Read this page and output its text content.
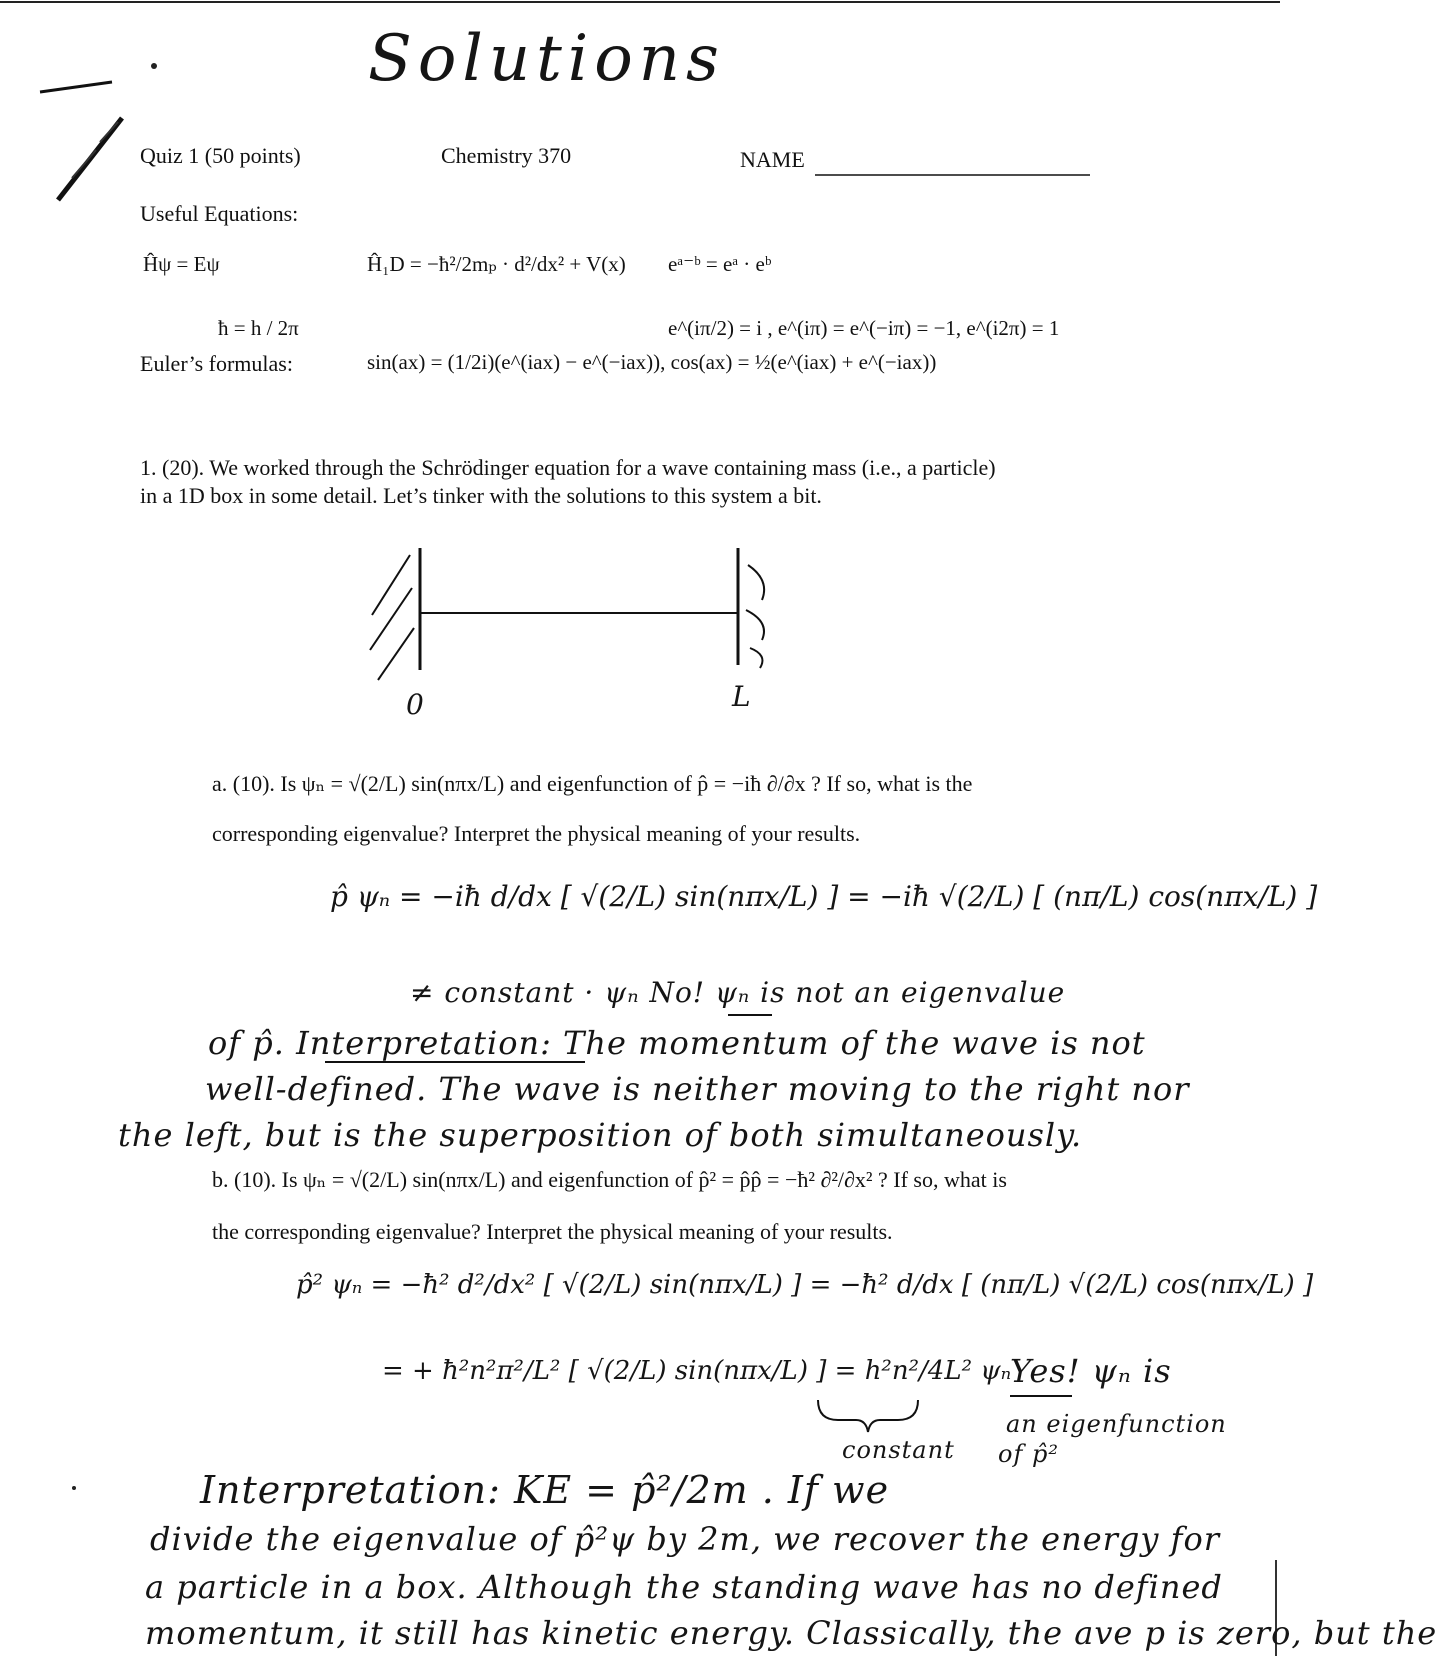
Solutions
Quiz 1 (50 points)	Chemistry 370	NAME
Useful Equations:
Ĥψ = Eψ	Ĥ₁D = −ħ²/2mₚ · d²/dx² + V(x) eᵃ⁻ᵇ = eᵃ · eᵇ
ħ = h / 2π	e^(iπ/2) = i , e^(iπ) = e^(−iπ) = −1, e^(i2π) = 1
Euler’s formulas:	sin(ax) = (1/2i)(e^(iax) − e^(−iax)), cos(ax) = ½(e^(iax) + e^(−iax))
1. (20). We worked through the Schrödinger equation for a wave containing mass (i.e., a particle)
in a 1D box in some detail. Let’s tinker with the solutions to this system a bit.
0	L
a. (10). Is ψₙ = √(2/L) sin(nπx/L) and eigenfunction of p̂ = −iħ ∂/∂x ? If so, what is the
corresponding eigenvalue? Interpret the physical meaning of your results.
p̂ ψₙ = −iħ d/dx [ √(2/L) sin(nπx/L) ] = −iħ √(2/L) [ (nπ/L) cos(nπx/L) ]
≠ constant · ψₙ No! ψₙ is not an eigenvalue
of p̂. Interpretation: The momentum of the wave is not
well-defined. The wave is neither moving to the right nor
the left, but is the superposition of both simultaneously.
b. (10). Is ψₙ = √(2/L) sin(nπx/L) and eigenfunction of p̂² = p̂p̂ = −ħ² ∂²/∂x² ? If so, what is
the corresponding eigenvalue? Interpret the physical meaning of your results.
p̂² ψₙ = −ħ² d²/dx² [ √(2/L) sin(nπx/L) ] = −ħ² d/dx [ (nπ/L) √(2/L) cos(nπx/L) ]
= + ħ²n²π²/L² [ √(2/L) sin(nπx/L) ] = h²n²/4L² ψₙ
Yes! ψₙ is
constant
an eigenfunction
of p̂²
Interpretation: KE = p̂²/2m . If we
divide the eigenvalue of p̂²ψ by 2m, we recover the energy for
a particle in a box. Although the standing wave has no defined
momentum, it still has kinetic energy. Classically, the ave p is zero, but the
